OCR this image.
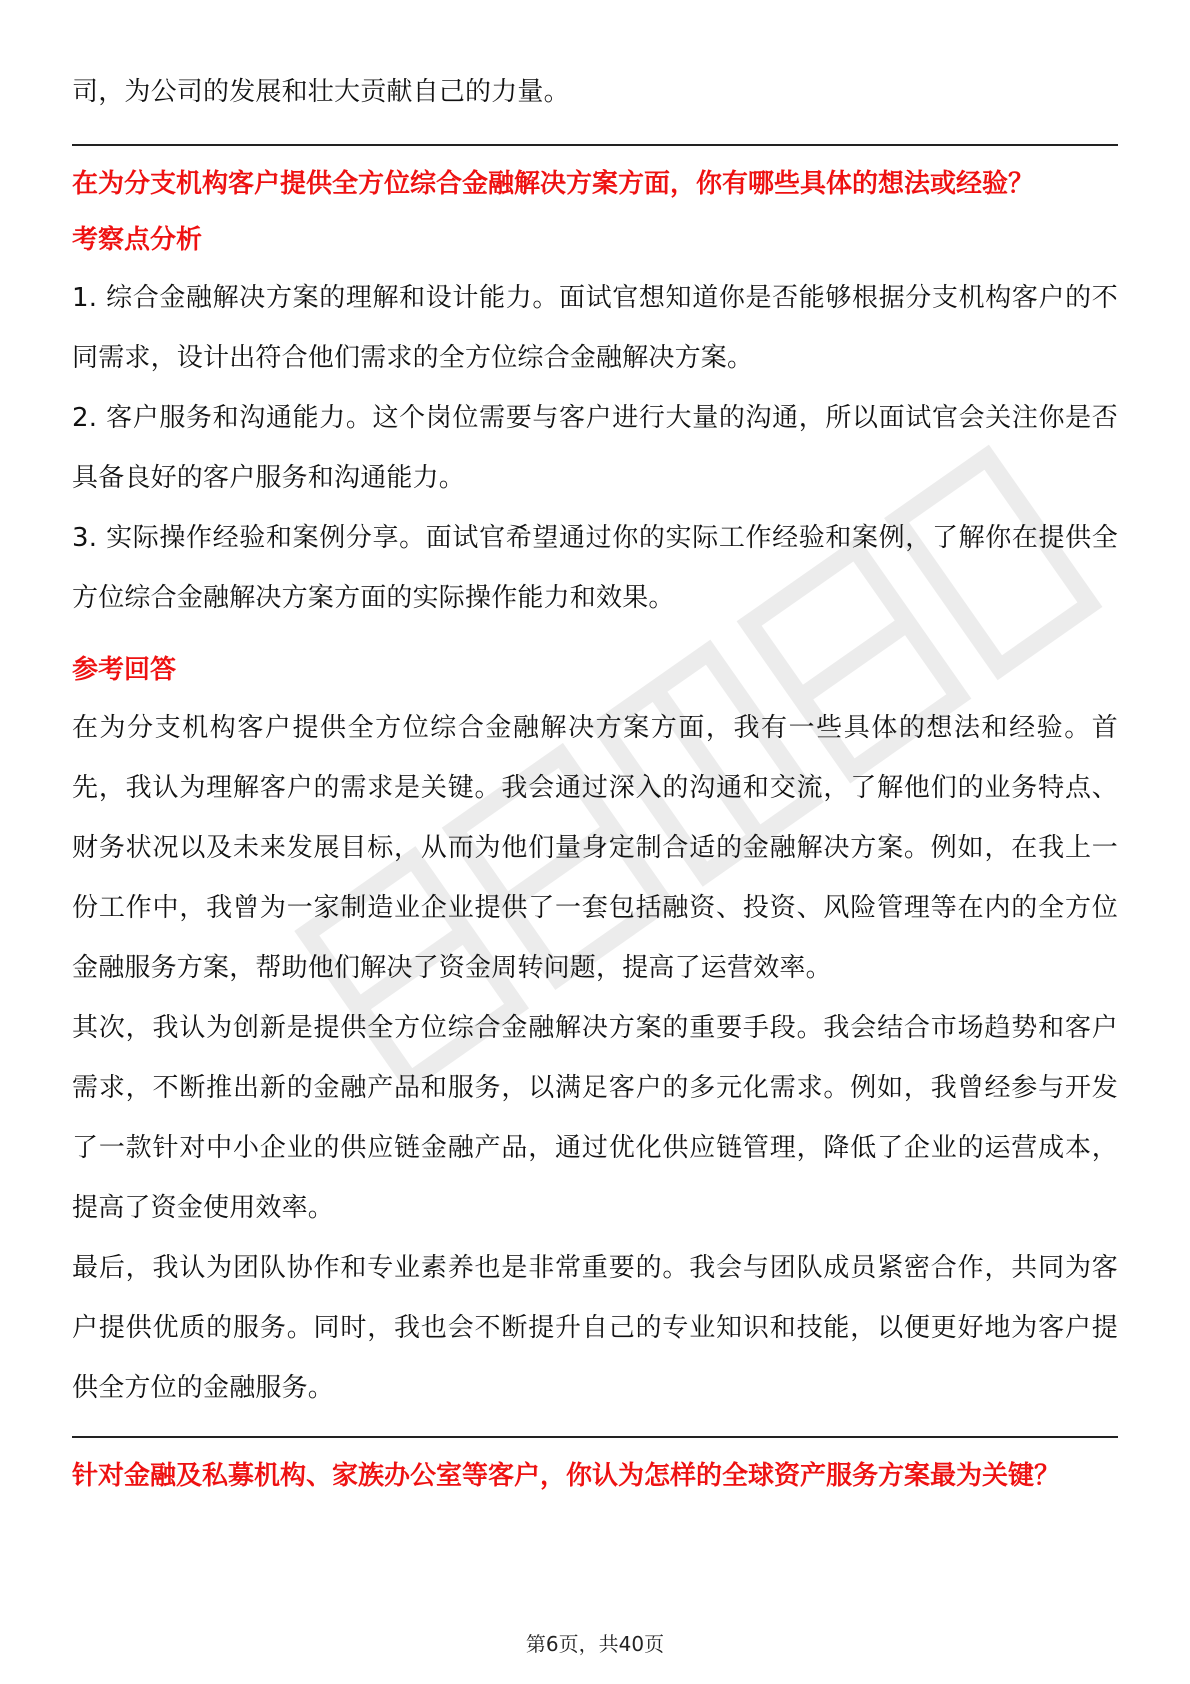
司，为公司的发展和壮大贡献自己的力量。

在为分支机构客户提供全方位综合金融解决方案方面，你有哪些具体的想法或经验？

考察点分析

1. 综合金融解决方案的理解和设计能力。面试官想知道你是否能够根据分支机构客户的不同需求，设计出符合他们需求的全方位综合金融解决方案。

2. 客户服务和沟通能力。这个岗位需要与客户进行大量的沟通，所以面试官会关注你是否具备良好的客户服务和沟通能力。

3. 实际操作经验和案例分享。面试官希望通过你的实际工作经验和案例，了解你在提供全方位综合金融解决方案方面的实际操作能力和效果。

参考回答

在为分支机构客户提供全方位综合金融解决方案方面，我有一些具体的想法和经验。首先，我认为理解客户的需求是关键。我会通过深入的沟通和交流，了解他们的业务特点、财务状况以及未来发展目标，从而为他们量身定制合适的金融解决方案。例如，在我上一份工作中，我曾为一家制造业企业提供了一套包括融资、投资、风险管理等在内的全方位金融服务方案，帮助他们解决了资金周转问题，提高了运营效率。

其次，我认为创新是提供全方位综合金融解决方案的重要手段。我会结合市场趋势和客户需求，不断推出新的金融产品和服务，以满足客户的多元化需求。例如，我曾经参与开发了一款针对中小企业的供应链金融产品，通过优化供应链管理，降低了企业的运营成本，提高了资金使用效率。

最后，我认为团队协作和专业素养也是非常重要的。我会与团队成员紧密合作，共同为客户提供优质的服务。同时，我也会不断提升自己的专业知识和技能，以便更好地为客户提供全方位的金融服务。

针对金融及私募机构、家族办公室等客户，你认为怎样的全球资产服务方案最为关键？

第6页，共40页
